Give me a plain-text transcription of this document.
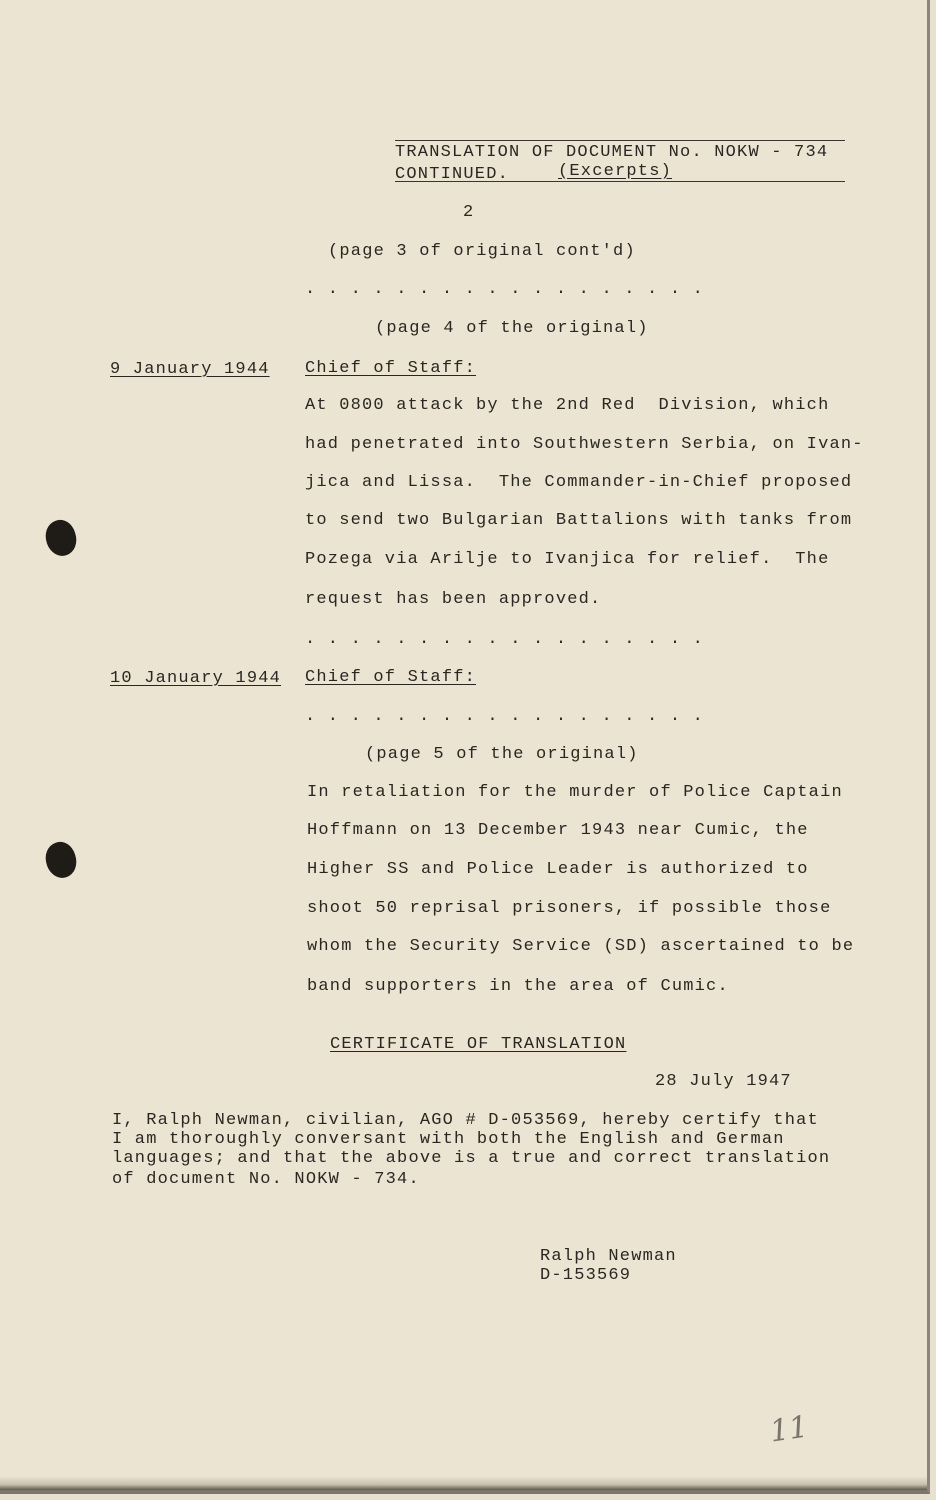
TRANSLATION OF DOCUMENT No. NOKW - 734
CONTINUED.	(Excerpts)
2
(page 3 of original cont'd)
. . . . . . . . . . . . . . . . . .
(page 4 of the original)
9 January 1944 Chief of Staff:
At 0800 attack by the 2nd Red  Division, which
had penetrated into Southwestern Serbia, on Ivan-
jica and Lissa.  The Commander-in-Chief proposed
to send two Bulgarian Battalions with tanks from
Pozega via Arilje to Ivanjica for relief.  The
request has been approved.
. . . . . . . . . . . . . . . . . .
10 January 1944 Chief of Staff:
. . . . . . . . . . . . . . . . . .
(page 5 of the original)
In retaliation for the murder of Police Captain
Hoffmann on 13 December 1943 near Cumic, the
Higher SS and Police Leader is authorized to
shoot 50 reprisal prisoners, if possible those
whom the Security Service (SD) ascertained to be
band supporters in the area of Cumic.
CERTIFICATE OF TRANSLATION
28 July 1947
I, Ralph Newman, civilian, AGO # D-053569, hereby certify that
I am thoroughly conversant with both the English and German
languages; and that the above is a true and correct translation
of document No. NOKW - 734.
Ralph Newman
D-153569
11
